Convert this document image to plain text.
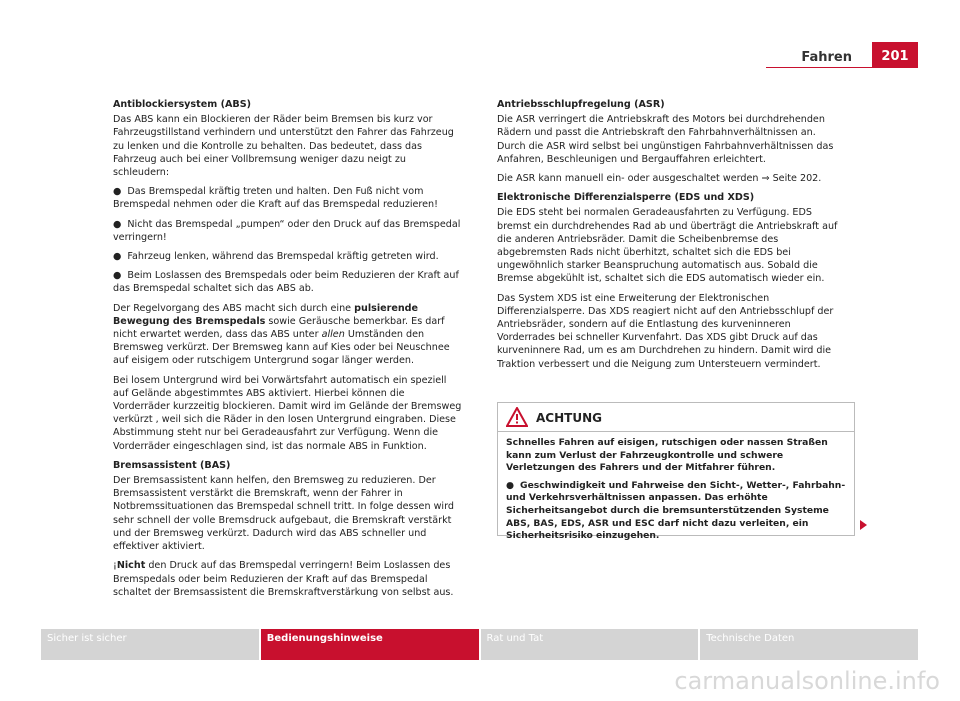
Fahren	201
Antiblockiersystem (ABS)

Das ABS kann ein Blockieren der Räder beim Bremsen bis kurz vor Fahrzeugstillstand verhindern und unterstützt den Fahrer das Fahrzeug zu lenken und die Kontrolle zu behalten. Das bedeutet, dass das Fahrzeug auch bei einer Vollbremsung weniger dazu neigt zu schleudern:

● Das Bremspedal kräftig treten und halten. Den Fuß nicht vom Bremspedal nehmen oder die Kraft auf das Bremspedal reduzieren!

● Nicht das Bremspedal „pumpen“ oder den Druck auf das Bremspedal verringern!

● Fahrzeug lenken, während das Bremspedal kräftig getreten wird.

● Beim Loslassen des Bremspedals oder beim Reduzieren der Kraft auf das Bremspedal schaltet sich das ABS ab.

Der Regelvorgang des ABS macht sich durch eine pulsierende Bewegung des Bremspedals sowie Geräusche bemerkbar. Es darf nicht erwartet werden, dass das ABS unter allen Umständen den Bremsweg verkürzt. Der Bremsweg kann auf Kies oder bei Neuschnee auf eisigem oder rutschigem Untergrund sogar länger werden.

Bei losem Untergrund wird bei Vorwärtsfahrt automatisch ein speziell auf Gelände abgestimmtes ABS aktiviert. Hierbei können die Vorderräder kurzzeitig blockieren. Damit wird im Gelände der Bremsweg verkürzt , weil sich die Räder in den losen Untergrund eingraben. Diese Abstimmung steht nur bei Geradeausfahrt zur Verfügung. Wenn die Vorderräder eingeschlagen sind, ist das normale ABS in Funktion.

Bremsassistent (BAS)

Der Bremsassistent kann helfen, den Bremsweg zu reduzieren. Der Bremsassistent verstärkt die Bremskraft, wenn der Fahrer in Notbremssituationen das Bremspedal schnell tritt. In folge dessen wird sehr schnell der volle Bremsdruck aufgebaut, die Bremskraft verstärkt und der Bremsweg verkürzt. Dadurch wird das ABS schneller und effektiver aktiviert.

¡Nicht den Druck auf das Bremspedal verringern! Beim Loslassen des Bremspedals oder beim Reduzieren der Kraft auf das Bremspedal schaltet der Bremsassistent die Bremskraftverstärkung von selbst aus.

Antriebsschlupfregelung (ASR)

Die ASR verringert die Antriebskraft des Motors bei durchdrehenden Rädern und passt die Antriebskraft den Fahrbahnverhältnissen an. Durch die ASR wird selbst bei ungünstigen Fahrbahnverhältnissen das Anfahren, Beschleunigen und Bergauffahren erleichtert.

Die ASR kann manuell ein- oder ausgeschaltet werden ⇒ Seite 202.

Elektronische Differenzialsperre (EDS und XDS)

Die EDS steht bei normalen Geradeausfahrten zu Verfügung. EDS bremst ein durchdrehendes Rad ab und überträgt die Antriebskraft auf die anderen Antriebsräder. Damit die Scheibenbremse des abgebremsten Rads nicht überhitzt, schaltet sich die EDS bei ungewöhnlich starker Beanspruchung automatisch aus. Sobald die Bremse abgekühlt ist, schaltet sich die EDS automatisch wieder ein.

Das System XDS ist eine Erweiterung der Elektronischen Differenzialsperre. Das XDS reagiert nicht auf den Antriebsschlupf der Antriebsräder, sondern auf die Entlastung des kurveninneren Vorderrades bei schneller Kurvenfahrt. Das XDS gibt Druck auf das kurveninnere Rad, um es am Durchdrehen zu hindern. Damit wird die Traktion verbessert und die Neigung zum Untersteuern vermindert.

ACHTUNG

Schnelles Fahren auf eisigen, rutschigen oder nassen Straßen kann zum Verlust der Fahrzeugkontrolle und schwere Verletzungen des Fahrers und der Mitfahrer führen.

● Geschwindigkeit und Fahrweise den Sicht-, Wetter-, Fahrbahn- und Verkehrsverhältnissen anpassen. Das erhöhte Sicherheitsangebot durch die bremsunterstützenden Systeme ABS, BAS, EDS, ASR und ESC darf nicht dazu verleiten, ein Sicherheitsrisiko einzugehen.

Sicher ist sicher	Bedienungshinweise	Rat und Tat	Technische Daten
carmanualsonline.info
